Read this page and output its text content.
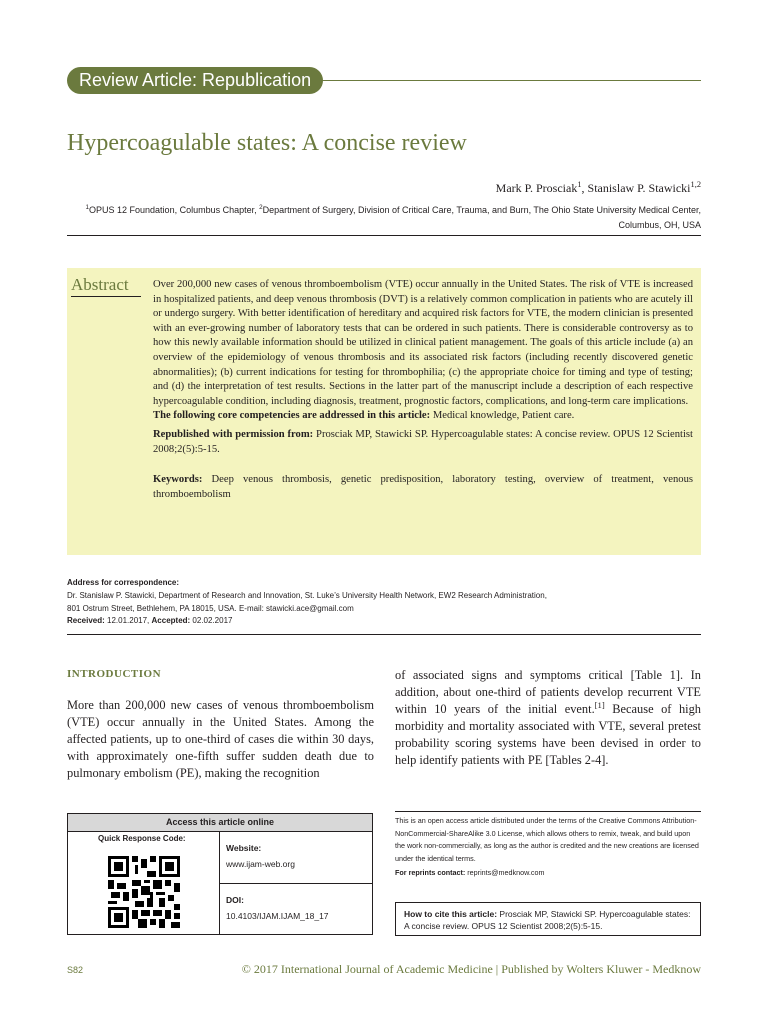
Review Article: Republication
Hypercoagulable states: A concise review
Mark P. Prosciak$^1$, Stanislaw P. Stawicki$^{1,2}$
$^1$OPUS 12 Foundation, Columbus Chapter, $^2$Department of Surgery, Division of Critical Care, Trauma, and Burn, The Ohio State University Medical Center, Columbus, OH, USA
Abstract Over 200,000 new cases of venous thromboembolism (VTE) occur annually in the United States. The risk of VTE is increased in hospitalized patients, and deep venous thrombosis (DVT) is a relatively common complication in patients who are acutely ill or undergo surgery. With better identification of hereditary and acquired risk factors for VTE, the modern clinician is presented with an ever-growing number of laboratory tests that can be ordered in such patients. There is considerable controversy as to how this newly available information should be utilized in clinical patient management. The goals of this article include (a) an overview of the epidemiology of venous thrombosis and its associated risk factors (including recently discovered genetic abnormalities); (b) current indications for testing for thrombophilia; (c) the appropriate choice for timing and type of testing; and (d) the interpretation of test results. Sections in the latter part of the manuscript include a description of each respective hypercoagulable condition, including diagnosis, treatment, prognostic factors, complications, and long-term care implications.

The following core competencies are addressed in this article: Medical knowledge, Patient care.

Republished with permission from: Prosciak MP, Stawicki SP. Hypercoagulable states: A concise review. OPUS 12 Scientist 2008;2(5):5-15.

Keywords: Deep venous thrombosis, genetic predisposition, laboratory testing, overview of treatment, venous thromboembolism

Address for correspondence:
Dr. Stanislaw P. Stawicki, Department of Research and Innovation, St. Luke’s University Health Network, EW2 Research Administration,
801 Ostrum Street, Bethlehem, PA 18015, USA. E-mail: stawicki.ace@gmail.com
Received: 12.01.2017, Accepted: 02.02.2017
INTRODUCTION
More than 200,000 new cases of venous thromboembolism (VTE) occur annually in the United States. Among the affected patients, up to one-third of cases die within 30 days, with approximately one-fifth suffer sudden death due to pulmonary embolism (PE), making the recognition
of associated signs and symptoms critical [Table 1]. In addition, about one-third of patients develop recurrent VTE within 10 years of the initial event.[1] Because of high morbidity and mortality associated with VTE, several pretest probability scoring systems have been devised in order to help identify patients with PE [Tables 2-4].
Access this article online
Quick Response Code:
Website:
www.ijam-web.org
DOI:
10.4103/IJAM.IJAM_18_17
This is an open access article distributed under the terms of the Creative Commons Attribution-NonCommercial-ShareAlike 3.0 License, which allows others to remix, tweak, and build upon the work non-commercially, as long as the author is credited and the new creations are licensed under the identical terms.
For reprints contact: reprints@medknow.com
How to cite this article: Prosciak MP, Stawicki SP. Hypercoagulable states: A concise review. OPUS 12 Scientist 2008;2(5):5-15.
S82	© 2017 International Journal of Academic Medicine | Published by Wolters Kluwer - Medknow
